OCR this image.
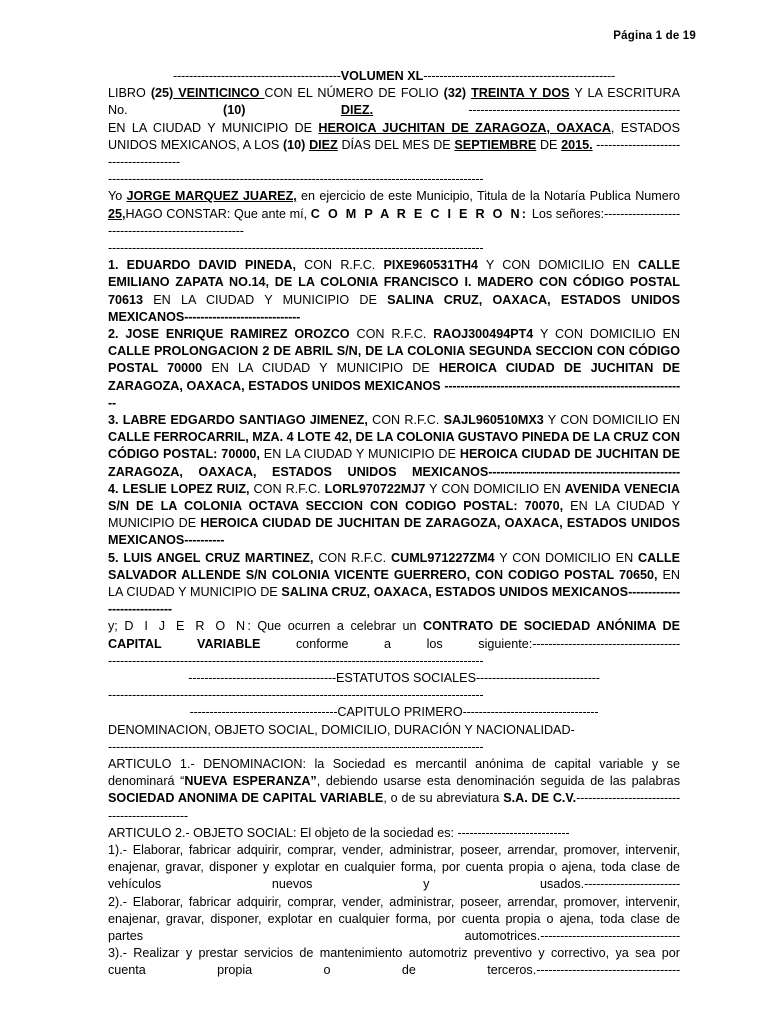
Página 1 de 19
------------------------------------------VOLUMEN XL------------------------------------------------

LIBRO (25) VEINTICINCO CON EL NÚMERO DE FOLIO (32) TREINTA Y DOS Y LA ESCRITURA No. (10)	DIEZ. -----------------------------------------------------

EN LA CIUDAD Y MUNICIPIO DE HEROICA JUCHITAN DE ZARAGOZA, OAXACA, ESTADOS UNIDOS MEXICANOS, A LOS (10) DIEZ DÍAS DEL MES DE SEPTIEMBRE DE 2015. ---------------------------------------

----------------------------------------------------------------------------------------------

Yo JORGE MARQUEZ JUAREZ, en ejercicio de este Municipio, Titula de la Notaría Publica Numero 25,HAGO CONSTAR: Que ante mí, C O M P A R E C I E R O N: Los señores:-----------------------------------------------------

----------------------------------------------------------------------------------------------

1. EDUARDO DAVID PINEDA, CON R.F.C. PIXE960531TH4 Y CON DOMICILIO EN CALLE EMILIANO ZAPATA NO.14, DE LA COLONIA FRANCISCO I. MADERO CON CÓDIGO POSTAL 70613 EN LA CIUDAD Y MUNICIPIO DE SALINA CRUZ, OAXACA, ESTADOS UNIDOS MEXICANOS-----------------------------

2. JOSE ENRIQUE RAMIREZ OROZCO CON R.F.C. RAOJ300494PT4 Y CON DOMICILIO EN CALLE PROLONGACION 2 DE ABRIL S/N, DE LA COLONIA SEGUNDA SECCION CON CÓDIGO POSTAL 70000 EN LA CIUDAD Y MUNICIPIO DE HEROICA CIUDAD DE JUCHITAN DE ZARAGOZA, OAXACA, ESTADOS UNIDOS MEXICANOS -------------------------------------------------------------

3. LABRE EDGARDO SANTIAGO JIMENEZ, CON R.F.C. SAJL960510MX3 Y CON DOMICILIO EN CALLE FERROCARRIL, MZA. 4 LOTE 42, DE LA COLONIA GUSTAVO PINEDA DE LA CRUZ CON CÓDIGO POSTAL: 70000, EN LA CIUDAD Y MUNICIPIO DE HEROICA CIUDAD DE JUCHITAN DE ZARAGOZA, OAXACA, ESTADOS UNIDOS MEXICANOS------------------------------------------------

4. LESLIE LOPEZ RUIZ, CON R.F.C. LORL970722MJ7 Y CON DOMICILIO EN AVENIDA VENECIA S/N DE LA COLONIA OCTAVA SECCION CON CODIGO POSTAL: 70070, EN LA CIUDAD Y MUNICIPIO DE HEROICA CIUDAD DE JUCHITAN DE ZARAGOZA, OAXACA, ESTADOS UNIDOS MEXICANOS----------

5. LUIS ANGEL CRUZ MARTINEZ, CON R.F.C. CUML971227ZM4 Y CON DOMICILIO EN CALLE SALVADOR ALLENDE S/N COLONIA VICENTE GUERRERO, CON CODIGO POSTAL 70650, EN LA CIUDAD Y MUNICIPIO DE SALINA CRUZ, OAXACA, ESTADOS UNIDOS MEXICANOS-----------------------------

y; D I J E R O N: Que ocurren a celebrar un CONTRATO DE SOCIEDAD ANÓNIMA DE CAPITAL VARIABLE conforme a los siguiente:-------------------------------------

----------------------------------------------------------------------------------------------
-------------------------------------ESTATUTOS SOCIALES-------------------------------
----------------------------------------------------------------------------------------------
-------------------------------------CAPITULO PRIMERO----------------------------------
DENOMINACION, OBJETO SOCIAL, DOMICILIO, DURACIÓN Y NACIONALIDAD-
----------------------------------------------------------------------------------------------

ARTICULO 1.- DENOMINACION: la Sociedad es mercantil anónima de capital variable y se denominará “NUEVA ESPERANZA”, debiendo usarse esta denominación seguida de las palabras SOCIEDAD ANONIMA DE CAPITAL VARIABLE, o de su abreviatura S.A. DE C.V.----------------------------------------------

ARTICULO 2.- OBJETO SOCIAL: El objeto de la sociedad es: ----------------------------

1).- Elaborar, fabricar adquirir, comprar, vender, administrar, poseer, arrendar, promover, intervenir, enajenar, gravar, disponer y explotar en cualquier forma, por cuenta propia o ajena, toda clase de vehículos nuevos y usados.------------------------

2).- Elaborar, fabricar adquirir, comprar, vender, administrar, poseer, arrendar, promover, intervenir, enajenar, gravar, disponer, explotar en cualquier forma, por cuenta propia o ajena, toda clase de partes automotrices.-----------------------------------

3).- Realizar y prestar servicios de mantenimiento automotriz preventivo y correctivo, ya sea por cuenta propia o de terceros.------------------------------------
